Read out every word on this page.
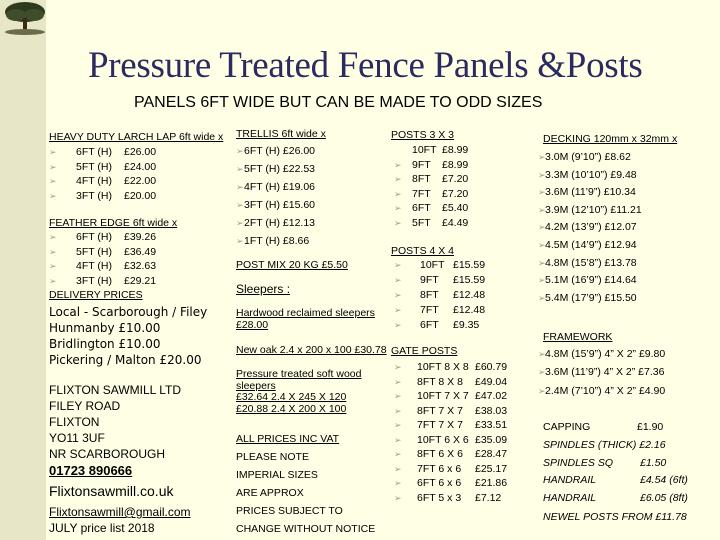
Pressure Treated Fence Panels &Posts
PANELS 6FT WIDE BUT CAN BE MADE TO ODD SIZES
HEAVY DUTY LARCH LAP 6ft wide x
➢ 6FT (H) £26.00
➢ 5FT (H) £24.00
➢ 4FT (H) £22.00
➢ 3FT (H) £20.00
FEATHER EDGE 6ft wide x
➢ 6FT (H) £39.26
➢ 5FT (H) £36.49
➢ 4FT (H) £32.63
➢ 3FT (H) £29.21
DELIVERY PRICES
Local - Scarborough / Filey
Hunmanby £10.00
Bridlington £10.00
Pickering / Malton £20.00
FLIXTON SAWMILL LTD
FILEY ROAD
FLIXTON
YO11 3UF
NR SCARBOROUGH
01723 890666
Flixtonsawmill.co.uk
Flixtonsawmill@gmail.com
JULY price list 2018
TRELLIS 6ft wide x
➢ 6FT (H) £26.00
➢ 5FT (H) £22.53
➢ 4FT (H) £19.06
➢ 3FT (H) £15.60
➢ 2FT (H) £12.13
➢ 1FT (H) £8.66
POST MIX 20 KG £5.50
Sleepers :
Hardwood reclaimed sleepers
£28.00
New oak 2.4 x 200 x 100 £30.78
Pressure treated soft wood
sleepers
£32.64 2.4 X 245 X 120
£20.88 2.4 X 200 X 100
ALL PRICES INC VAT
PLEASE NOTE
IMPERIAL SIZES
ARE APPROX
PRICES SUBJECT TO
CHANGE WITHOUT NOTICE
POSTS 3 X 3
10FT £8.99
➢ 9FT £8.99
➢ 8FT £7.20
➢ 7FT £7.20
➢ 6FT £5.40
➢ 5FT £4.49
POSTS 4 X 4
➢ 10FT £15.59
➢ 9FT £15.59
➢ 8FT £12.48
➢ 7FT £12.48
➢ 6FT £9.35
GATE POSTS
➢ 10FT 8 X 8 £60.79
➢ 8FT 8 X 8 £49.04
➢ 10FT 7 X 7 £47.02
➢ 8FT 7 X 7 £38.03
➢ 7FT 7 X 7 £33.51
➢ 10FT 6 X 6 £35.09
➢ 8FT 6 X 6 £28.47
➢ 7FT 6 x 6 £25.17
➢ 6FT 6 x 6 £21.86
➢ 6FT 5 x 3 £7.12
DECKING 120mm x 32mm x
➢ 3.0M (9’10”) £8.62
➢ 3.3M (10’10”) £9.48
➢ 3.6M (11’9”) £10.34
➢ 3.9M (12’10”) £11.21
➢ 4.2M (13’9”) £12.07
➢ 4.5M (14’9”) £12.94
➢ 4.8M (15’8”) £13.78
➢ 5.1M (16’9”) £14.64
➢ 5.4M (17’9”) £15.50
FRAMEWORK
➢ 4.8M (15’9”) 4” X 2” £9.80
➢ 3.6M (11’9”) 4” X 2” £7.36
➢ 2.4M (7’10”) 4” X 2” £4.90
CAPPING	£1.90
SPINDLES (THICK) £2.16
SPINDLES SQ	£1.50
HANDRAIL	£4.54 (6ft)
HANDRAIL	£6.05 (8ft)
NEWEL POSTS FROM £11.78
